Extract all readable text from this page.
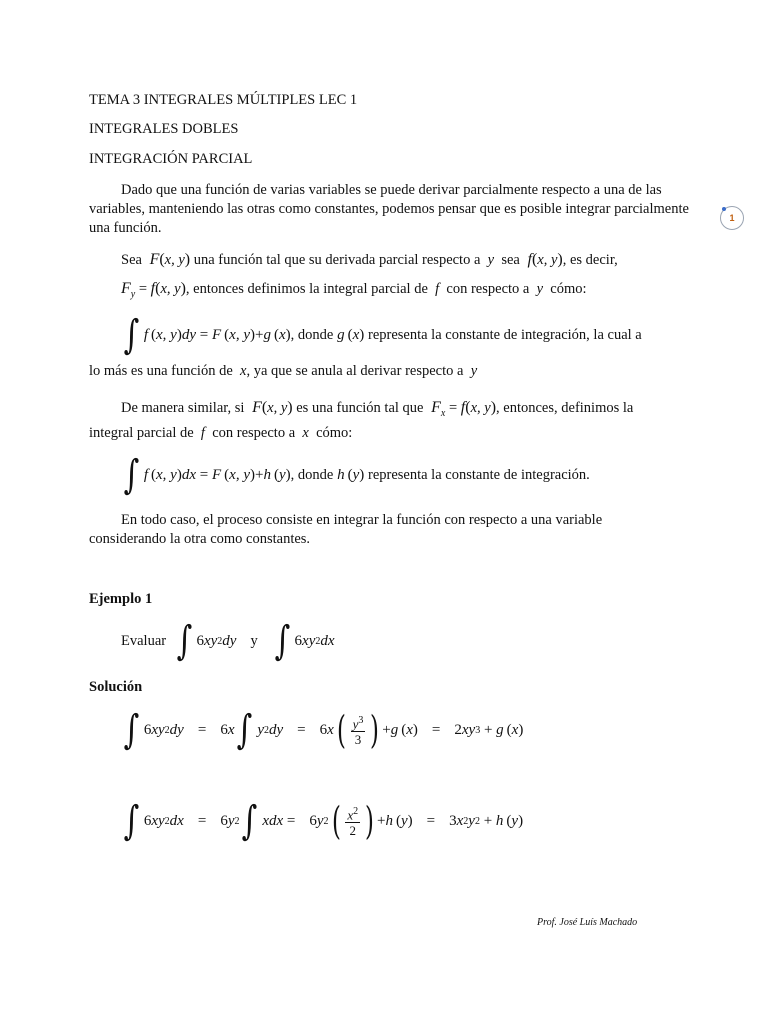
TEMA 3 INTEGRALES MÚLTIPLES LEC 1
INTEGRALES DOBLES
INTEGRACIÓN PARCIAL
Dado que una función de varias variables se puede derivar parcialmente respecto a una de las variables, manteniendo las otras como constantes, podemos pensar que es posible integrar parcialmente una función.
1
Sea  F(x, y) una función tal que su derivada parcial respecto a  y  sea  f(x, y), es decir,
$F_y = f(x$, y), entonces definimos la integral parcial de  f  con respecto a  y  cómo:
∫ f  ( x, y ) dy = F  ( x, y )+ g  ( x ) , donde
g  ( x ) representa la constante de integración, la cual a
lo más es una función de  x, ya que se anula al derivar respecto a  y
De manera similar, si  F(x, y) es una función tal que  $F_x = f(x$, y), entonces, definimos la
integral parcial de  f  con respecto a  x  cómo:
∫ f  ( x, y ) dx = F  ( x, y )+ h  ( y ) , donde
h  ( y ) representa la constante de integración.
En todo caso, el proceso consiste en integrar la función con respecto a una variable considerando la otra como constantes.
Ejemplo 1
Evaluar
∫ 6 xy 2 dy y ∫ 6 xy 2 dx
Solución
∫ 6 xy 2 dy =
6 x ∫ y 2 dy =
6 x ( $\frac{y^3}{3}$ ) + g  ( x )
=
2 xy 3 + g  ( x )
∫ 6 xy 2 dx =
6 y 2 ∫ xdx =
6 y 2 ( $\frac{x^2}{2}$ ) + h  ( y )
=
3 x 2 y 2 + h  ( y )
Prof. José Luís Machado
